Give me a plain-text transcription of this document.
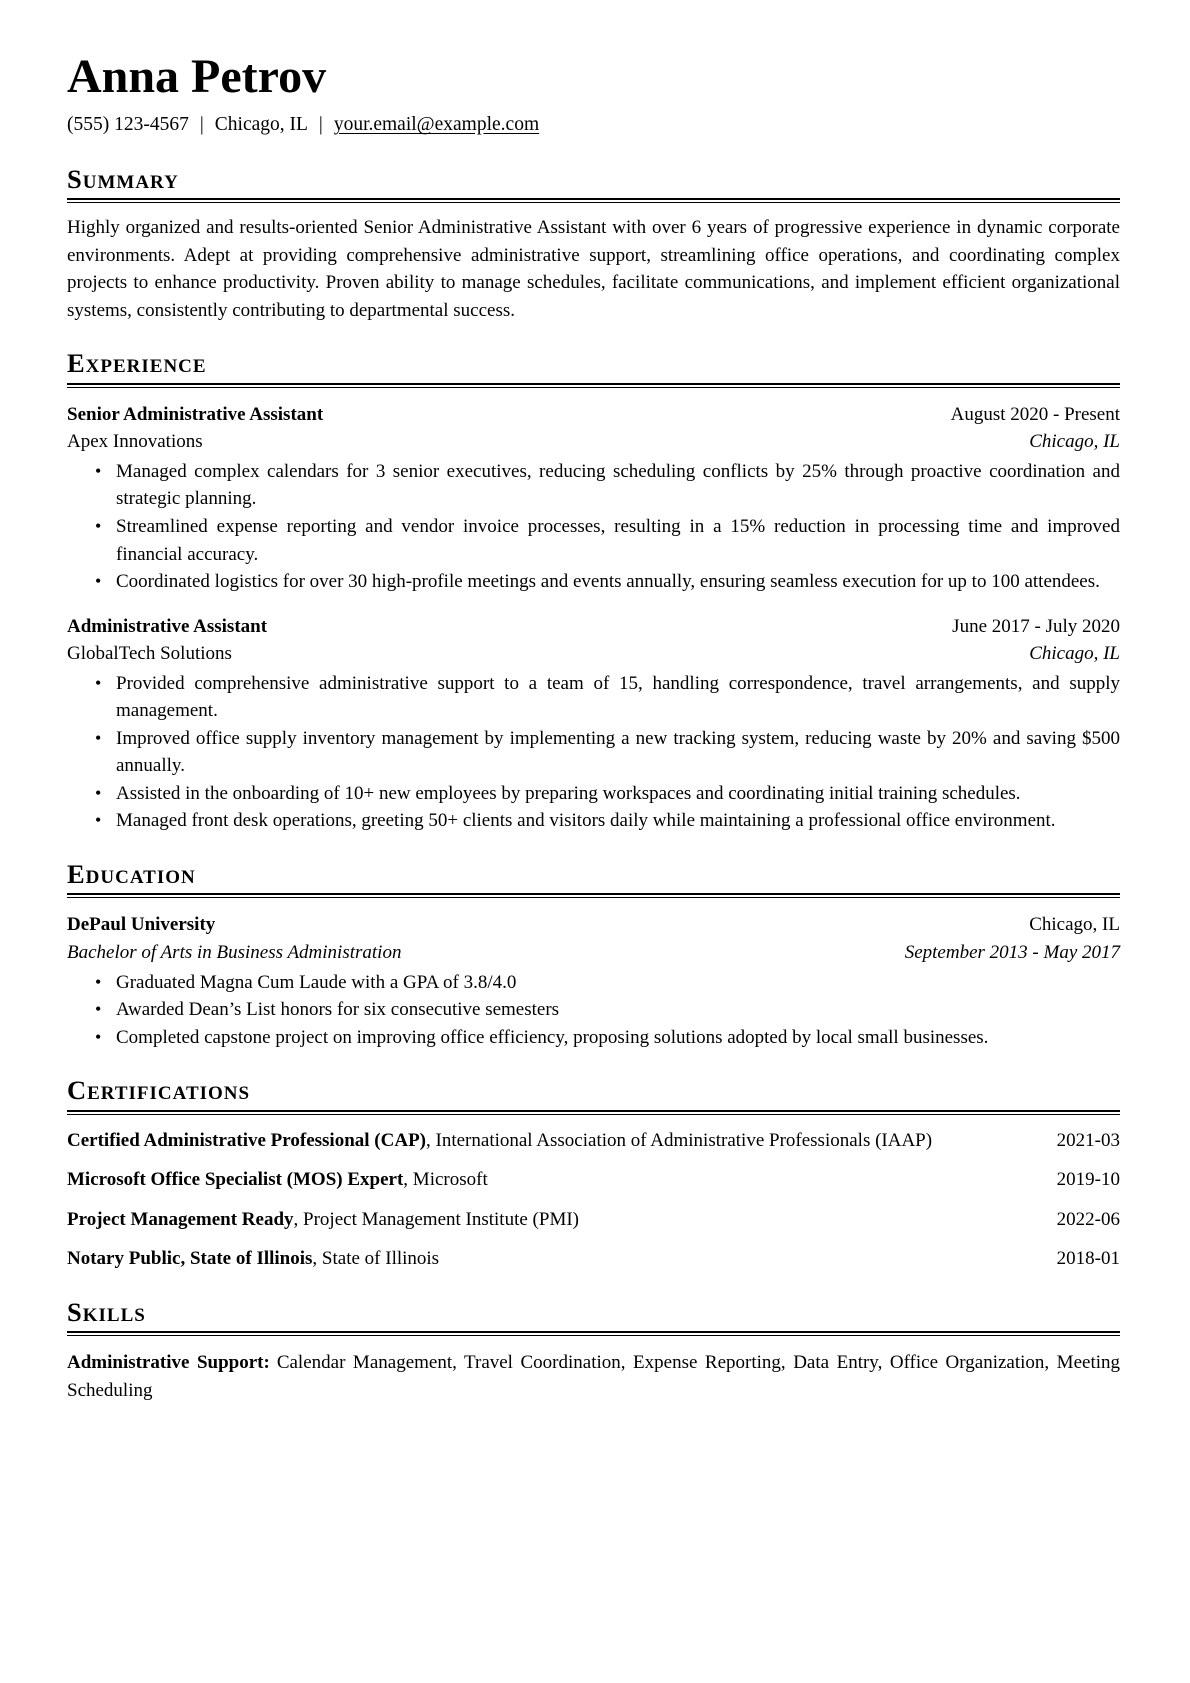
Anna Petrov
(555) 123-4567 | Chicago, IL | your.email@example.com
Summary

Highly organized and results-oriented Senior Administrative Assistant with over 6 years of progressive experience in dynamic corporate environments. Adept at providing comprehensive administrative support, streamlining office operations, and coordinating complex projects to enhance productivity. Proven ability to manage schedules, facilitate communications, and implement efficient organizational systems, consistently contributing to departmental success.

Experience
Senior Administrative Assistant	August 2020 - Present
Apex Innovations	Chicago, IL
• Managed complex calendars for 3 senior executives, reducing scheduling conflicts by 25% through proactive coordination and strategic planning.
• Streamlined expense reporting and vendor invoice processes, resulting in a 15% reduction in processing time and improved financial accuracy.
• Coordinated logistics for over 30 high-profile meetings and events annually, ensuring seamless execution for up to 100 attendees.
Administrative Assistant	June 2017 - July 2020
GlobalTech Solutions	Chicago, IL
• Provided comprehensive administrative support to a team of 15, handling correspondence, travel arrangements, and supply management.
• Improved office supply inventory management by implementing a new tracking system, reducing waste by 20% and saving $500 annually.
• Assisted in the onboarding of 10+ new employees by preparing workspaces and coordinating initial training schedules.
• Managed front desk operations, greeting 50+ clients and visitors daily while maintaining a professional office environment.
Education
DePaul University	Chicago, IL
Bachelor of Arts in Business Administration	September 2013 - May 2017
• Graduated Magna Cum Laude with a GPA of 3.8/4.0
• Awarded Dean’s List honors for six consecutive semesters
• Completed capstone project on improving office efficiency, proposing solutions adopted by local small businesses.
Certifications
Certified Administrative Professional (CAP), International Association of Administrative Professionals (IAAP)	2021-03
Microsoft Office Specialist (MOS) Expert, Microsoft	2019-10
Project Management Ready, Project Management Institute (PMI)	2022-06
Notary Public, State of Illinois, State of Illinois	2018-01
Skills

Administrative Support: Calendar Management, Travel Coordination, Expense Reporting, Data Entry, Office Organization, Meeting Scheduling
